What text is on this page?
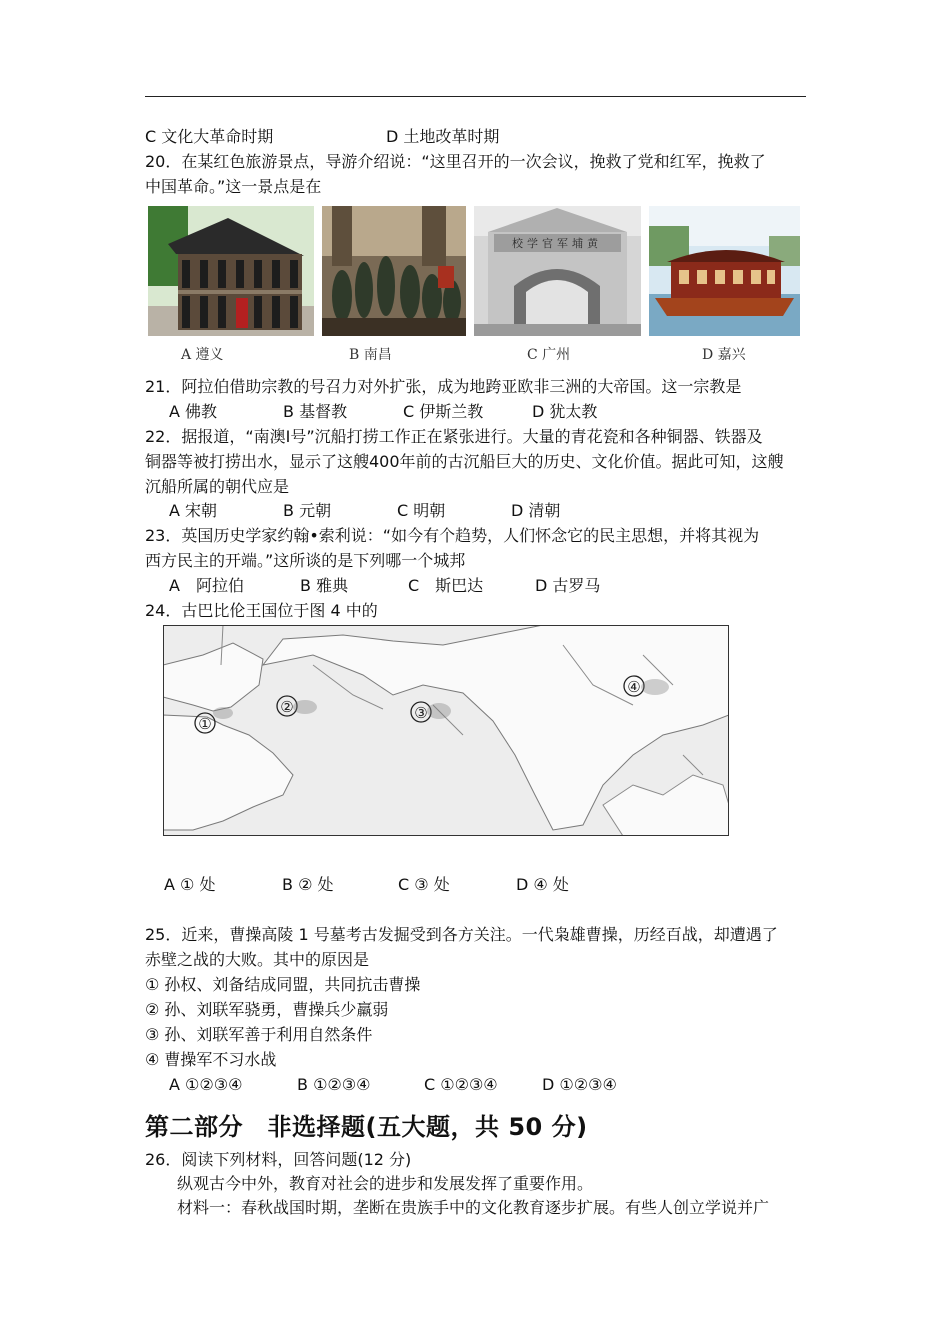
C 文化大革命时期	D 土地改革时期
20．在某红色旅游景点，导游介绍说：“这里召开的一次会议，挽救了党和红军，挽救了
中国革命。”这一景点是在
A 遵义	B 南昌
校学官军埔黄
C 广州	D 嘉兴
21．阿拉伯借助宗教的号召力对外扩张，成为地跨亚欧非三洲的大帝国。这一宗教是
A 佛教	B 基督教	C 伊斯兰教	D 犹太教
22．据报道，“南澳Ⅰ号”沉船打捞工作正在紧张进行。大量的青花瓷和各种铜器、铁器及
铜器等被打捞出水，显示了这艘400年前的古沉船巨大的历史、文化价值。据此可知，这艘
沉船所属的朝代应是
A 宋朝	B 元朝	C 明朝	D 清朝
23．英国历史学家约翰•索利说：“如今有个趋势，人们怀念它的民主思想，并将其视为
西方民主的开端。”这所谈的是下列哪一个城邦
A　阿拉伯	B 雅典	C　斯巴达	D 古罗马
24．古巴比伦王国位于图 4 中的
①
②	③
④
A ① 处	B ② 处	C ③ 处	D ④ 处
25．近来，曹操高陵 1 号墓考古发掘受到各方关注。一代枭雄曹操，历经百战，却遭遇了
赤壁之战的大败。其中的原因是
① 孙权、刘备结成同盟，共同抗击曹操
② 孙、刘联军骁勇，曹操兵少羸弱
③ 孙、刘联军善于利用自然条件
④ 曹操军不习水战
A ①②③④	B ①②③④	C ①②③④	D ①②③④
第二部分　非选择题(五大题，共 50 分)
26．阅读下列材料，回答问题(12 分)
纵观古今中外，教育对社会的进步和发展发挥了重要作用。
材料一：春秋战国时期，垄断在贵族手中的文化教育逐步扩展。有些人创立学说并广
